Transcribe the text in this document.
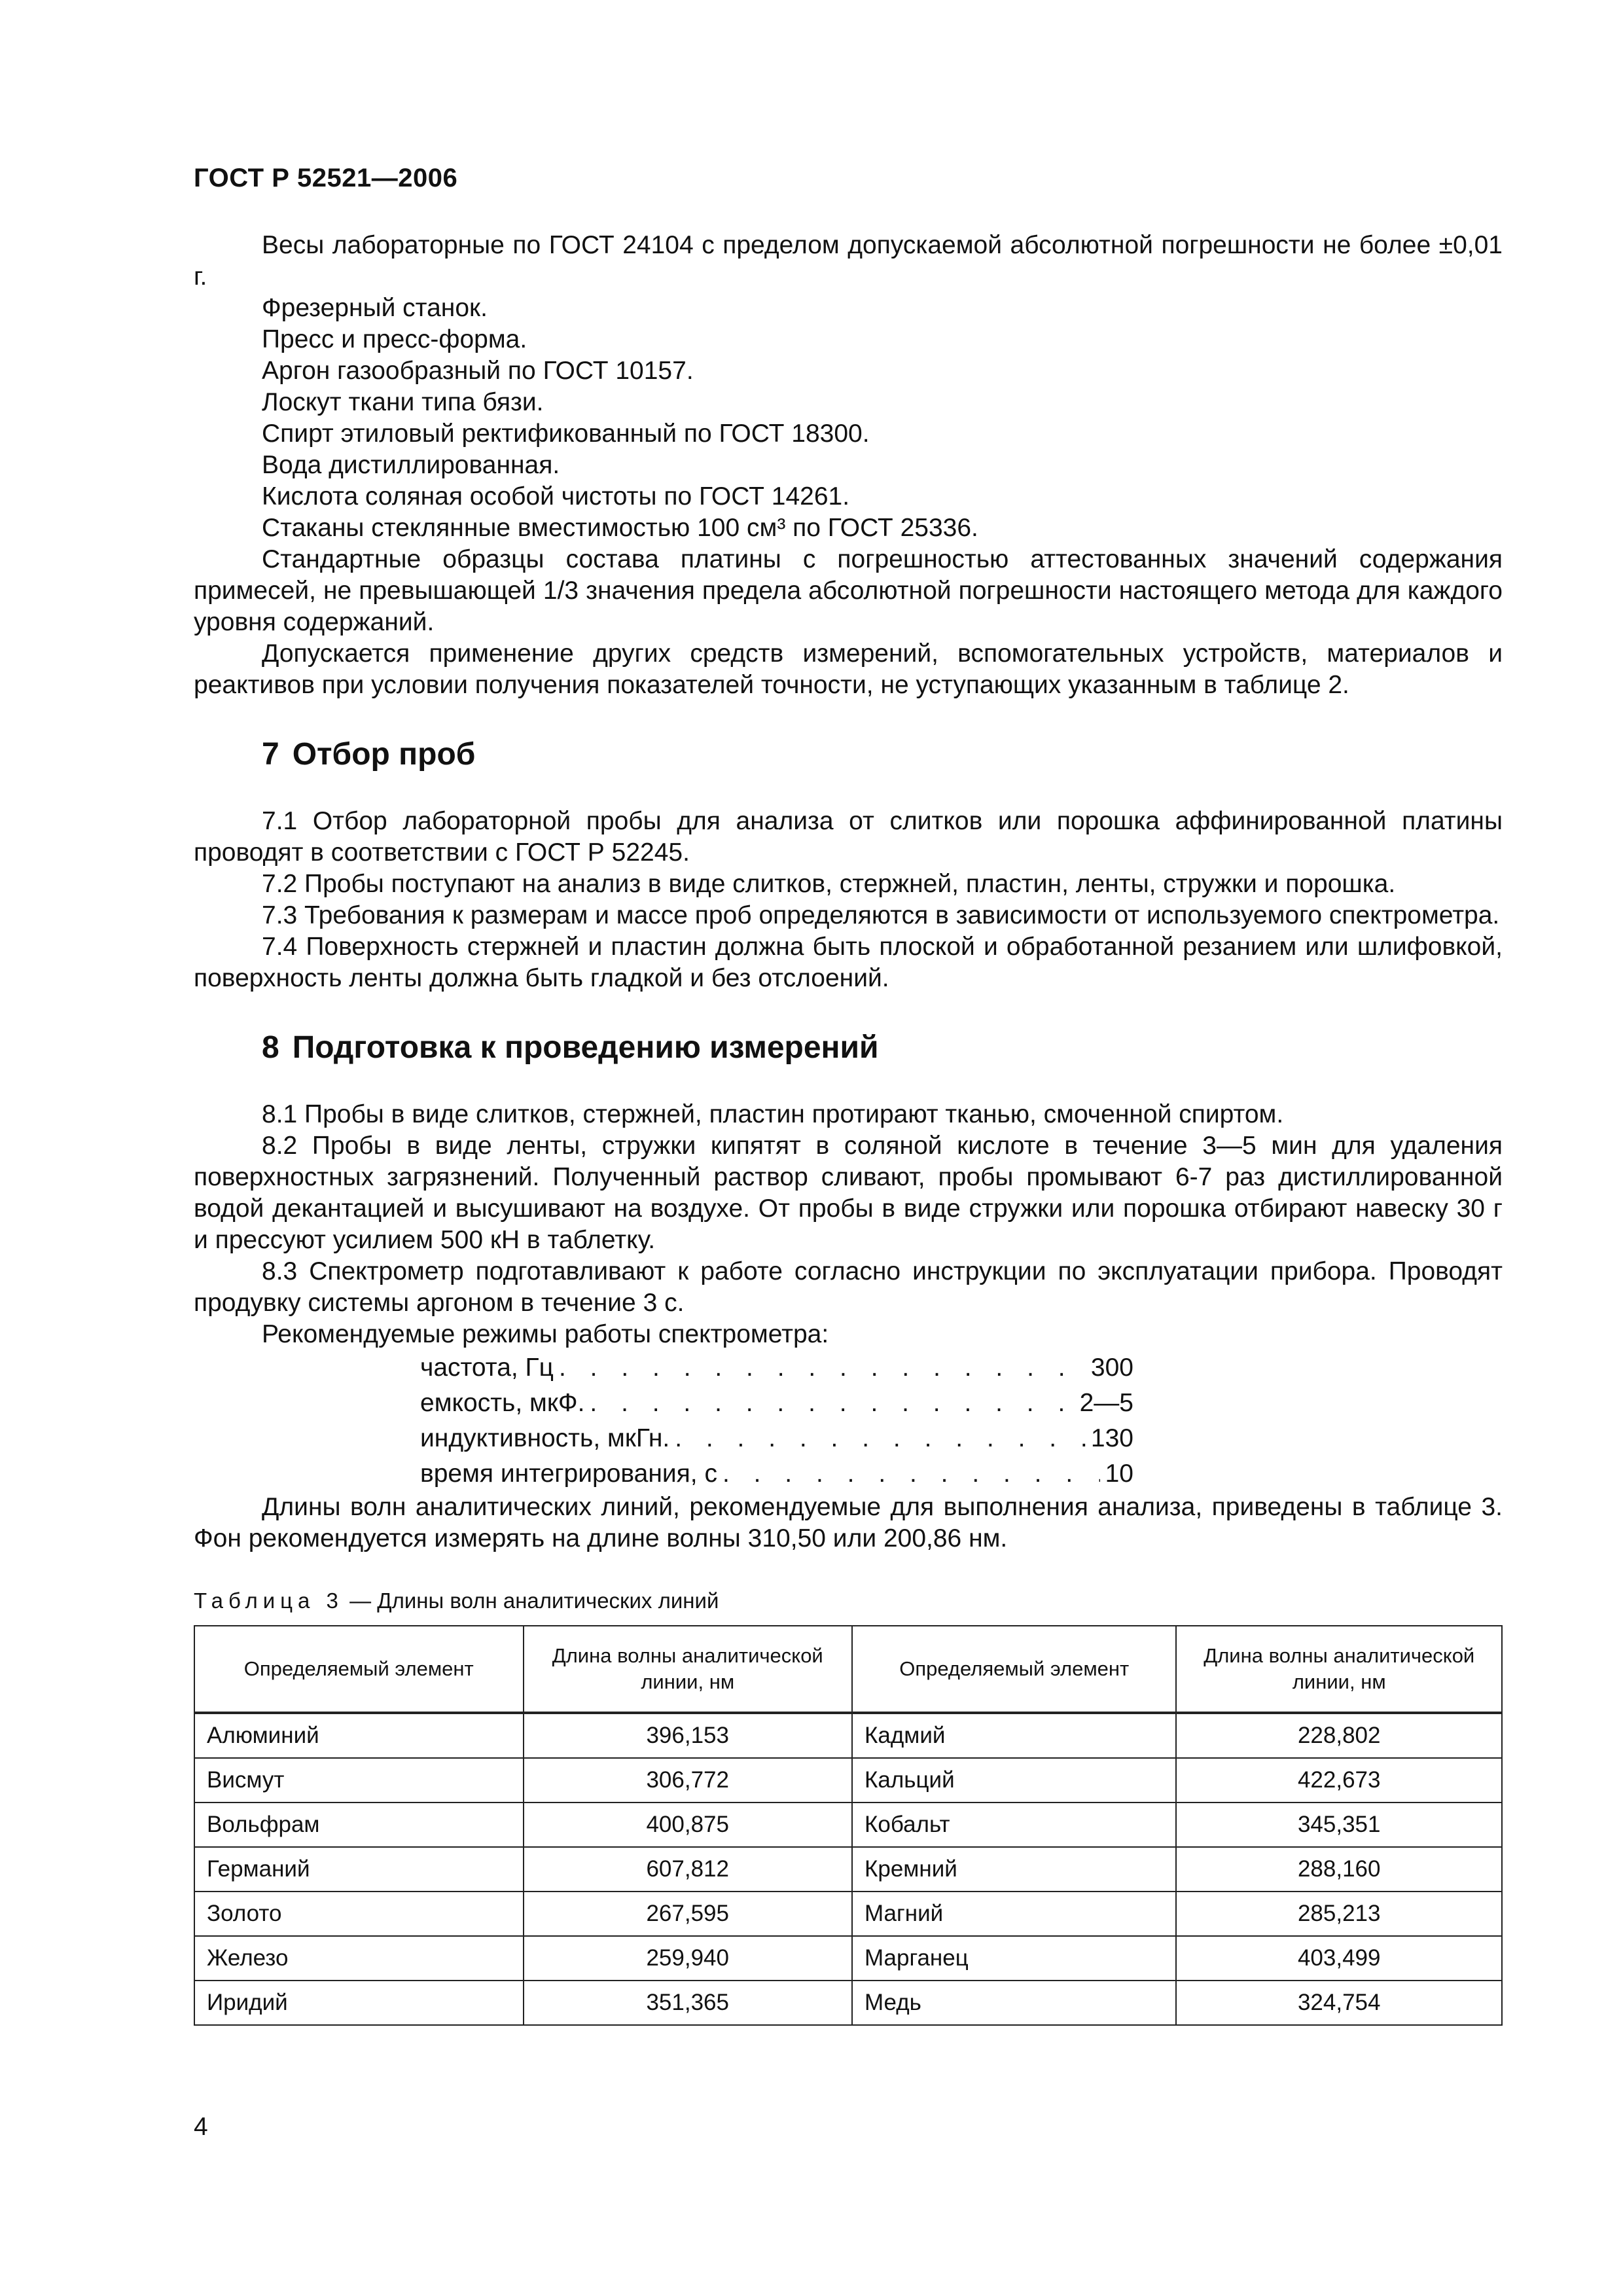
ГОСТ Р 52521—2006

Весы лабораторные по ГОСТ 24104 с пределом допускаемой абсолютной погрешности не более ±0,01 г.

Фрезерный станок.

Пресс и пресс-форма.

Аргон газообразный по ГОСТ 10157.

Лоскут ткани типа бязи.

Спирт этиловый ректификованный по ГОСТ 18300.

Вода дистиллированная.

Кислота соляная особой чистоты по ГОСТ 14261.

Стаканы стеклянные вместимостью 100 см³ по ГОСТ 25336.

Стандартные образцы состава платины с погрешностью аттестованных значений содержания примесей, не превышающей 1/3 значения предела абсолютной погрешности настоящего метода для каждого уровня содержаний.

Допускается применение других средств измерений, вспомогательных устройств, материалов и реактивов при условии получения показателей точности, не уступающих указанным в таблице 2.

7 Отбор проб

7.1 Отбор лабораторной пробы для анализа от слитков или порошка аффинированной платины проводят в соответствии с ГОСТ Р 52245.

7.2 Пробы поступают на анализ в виде слитков, стержней, пластин, ленты, стружки и порошка.

7.3 Требования к размерам и массе проб определяются в зависимости от используемого спектрометра.

7.4 Поверхность стержней и пластин должна быть плоской и обработанной резанием или шлифовкой, поверхность ленты должна быть гладкой и без отслоений.

8 Подготовка к проведению измерений

8.1 Пробы в виде слитков, стержней, пластин протирают тканью, смоченной спиртом.

8.2 Пробы в виде ленты, стружки кипятят в соляной кислоте в течение 3—5 мин для удаления поверхностных загрязнений. Полученный раствор сливают, пробы промывают 6-7 раз дистиллированной водой декантацией и высушивают на воздухе. От пробы в виде стружки или порошка отбирают навеску 30 г и прессуют усилием 500 кН в таблетку.

8.3 Спектрометр подготавливают к работе согласно инструкции по эксплуатации прибора. Проводят продувку системы аргоном в течение 3 с.

Рекомендуемые режимы работы спектрометра:

частота, Гц . . .	300
емкость, мкФ. . . .	2—5
индуктивность, мкГн. . . .	130
время интегрирования, с . . .	10

Длины волн аналитических линий, рекомендуемые для выполнения анализа, приведены в таблице 3. Фон рекомендуется измерять на длине волны 310,50 или 200,86 нм.

Таблица 3 — Длины волн аналитических линий
Определяемый элемент	Длина волны аналитической линии, нм	Определяемый элемент	Длина волны аналитической линии, нм
Алюминий	396,153	Кадмий	228,802
Висмут	306,772	Кальций	422,673
Вольфрам	400,875	Кобальт	345,351
Германий	607,812	Кремний	288,160
Золото	267,595	Магний	285,213
Железо	259,940	Марганец	403,499
Иридий	351,365	Медь	324,754
4
